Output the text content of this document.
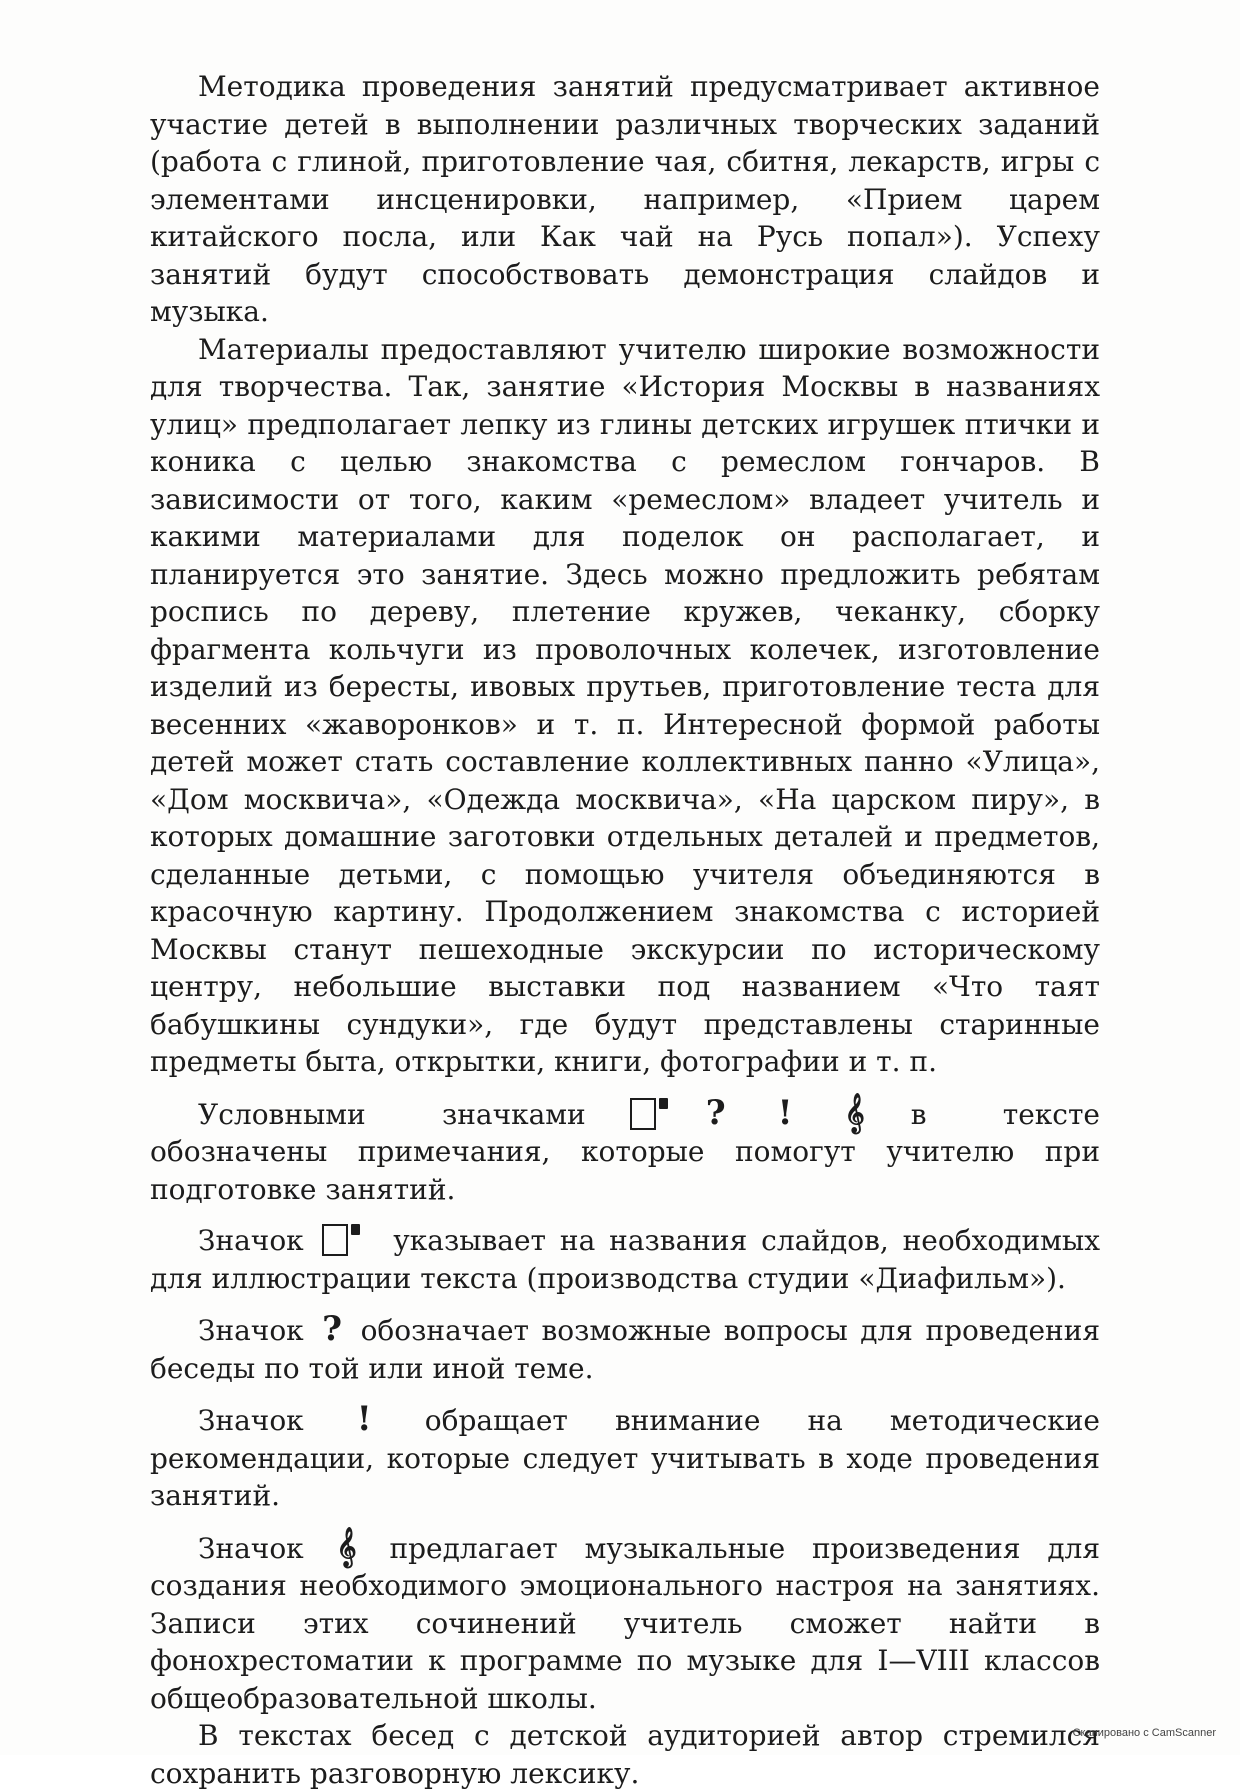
Методика проведения занятий предусматривает активное участие детей в выполнении различных творческих заданий (работа с глиной, приготовление чая, сбитня, лекарств, игры с элементами инсценировки, например, «Прием царем китайского посла, или Как чай на Русь попал»). Успеху занятий будут способствовать демонстрация слайдов и музыка.

Материалы предоставляют учителю широкие возможности для творчества. Так, занятие «История Москвы в названиях улиц» предполагает лепку из глины детских игрушек птички и коника с целью знакомства с ремеслом гончаров. В зависимости от того, каким «ремеслом» владеет учитель и какими материалами для поделок он располагает, и планируется это занятие. Здесь можно предложить ребятам роспись по дереву, плетение кружев, чеканку, сборку фрагмента кольчуги из проволочных колечек, изготовление изделий из бересты, ивовых прутьев, приготовление теста для весенних «жаворонков» и т. п. Интересной формой работы детей может стать составление коллективных панно «Улица», «Дом москвича», «Одежда москвича», «На царском пиру», в которых домашние заготовки отдельных деталей и предметов, сделанные детьми, с помощью учителя объединяются в красочную картину. Продолжением знакомства с историей Москвы станут пешеходные экскурсии по историческому центру, небольшие выставки под названием «Что таят бабушкины сундуки», где будут представлены старинные предметы быта, открытки, книги, фотографии и т. п.

Условными значками	? ! 𝄞 в тексте обозначены примечания, которые помогут учителю при подготовке занятий.

Значок	указывает на названия слайдов, необходимых для иллюстрации текста (производства студии «Диафильм»).

Значок ? обозначает возможные вопросы для проведения беседы по той или иной теме.

Значок ! обращает внимание на методические рекомендации, которые следует учитывать в ходе проведения занятий.

Значок 𝄞 предлагает музыкальные произведения для создания необходимого эмоционального настроя на занятиях. Записи этих сочинений учитель сможет найти в фонохрестоматии к программе по музыке для I—VIII классов общеобразовательной школы.

В текстах бесед с детской аудиторией автор стремился сохранить разговорную лексику.

Сканировано с CamScanner
